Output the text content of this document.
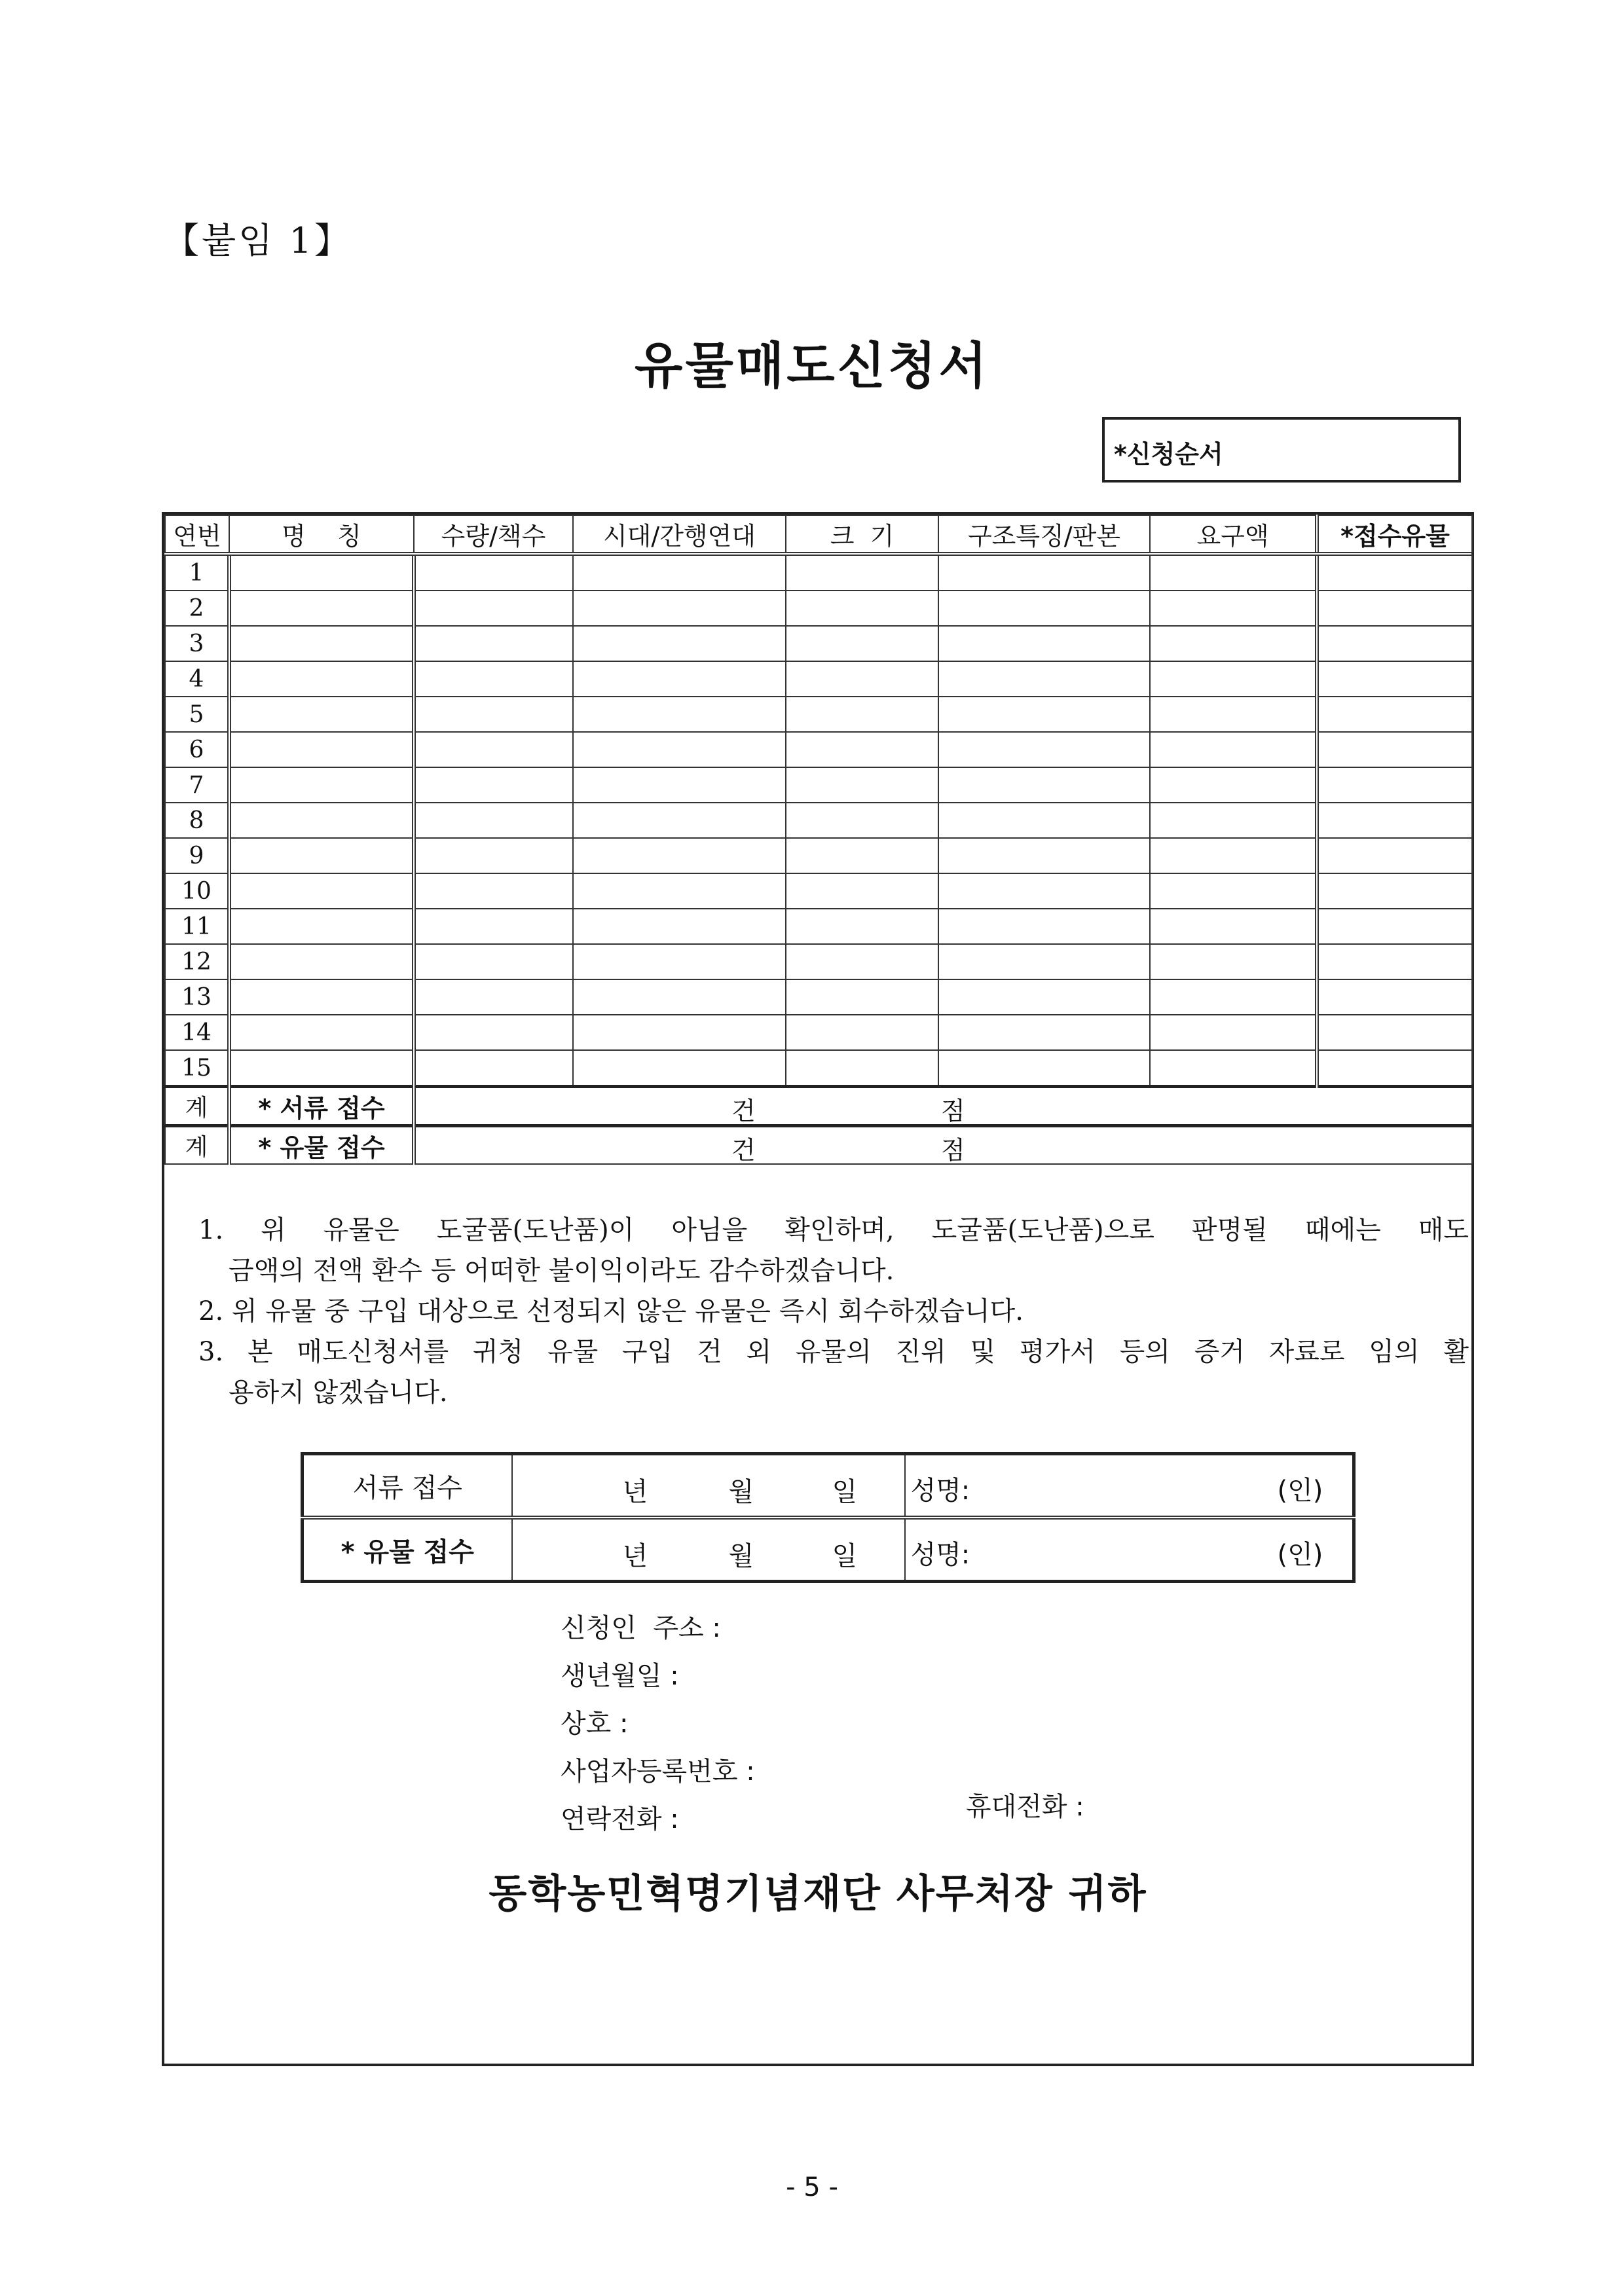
【붙임 1】
유물매도신청서
*신청순서
연번	명    칭	수량/책수	시대/간행연대	크  기	구조특징/판본	요구액	*접수유물
1							
2							
3							
4							
5							
6							
7							
8							
9							
10							
11							
12							
13							
14							
15							
계	* 서류 접수	건 점					

계	* 유물 접수	건 점					

1. 위 유물은 도굴품(도난품)이 아님을 확인하며, 도굴품(도난품)으로 판명될 때에는 매도

금액의 전액 환수 등 어떠한 불이익이라도 감수하겠습니다.

2. 위 유물 중 구입 대상으로 선정되지 않은 유물은 즉시 회수하겠습니다.

3. 본 매도신청서를 귀청 유물 구입 건 외 유물의 진위 및 평가서 등의 증거 자료로 임의 활

용하지 않겠습니다.

서류 접수	년 월 일	성명: (인)

* 유물 접수	년 월 일	성명: (인)

신청인  주소 :

생년월일 :

상호 :

사업자등록번호 :

연락전화 :

동학농민혁명기념재단 사무처장 귀하
휴대전화 :
- 5 -
